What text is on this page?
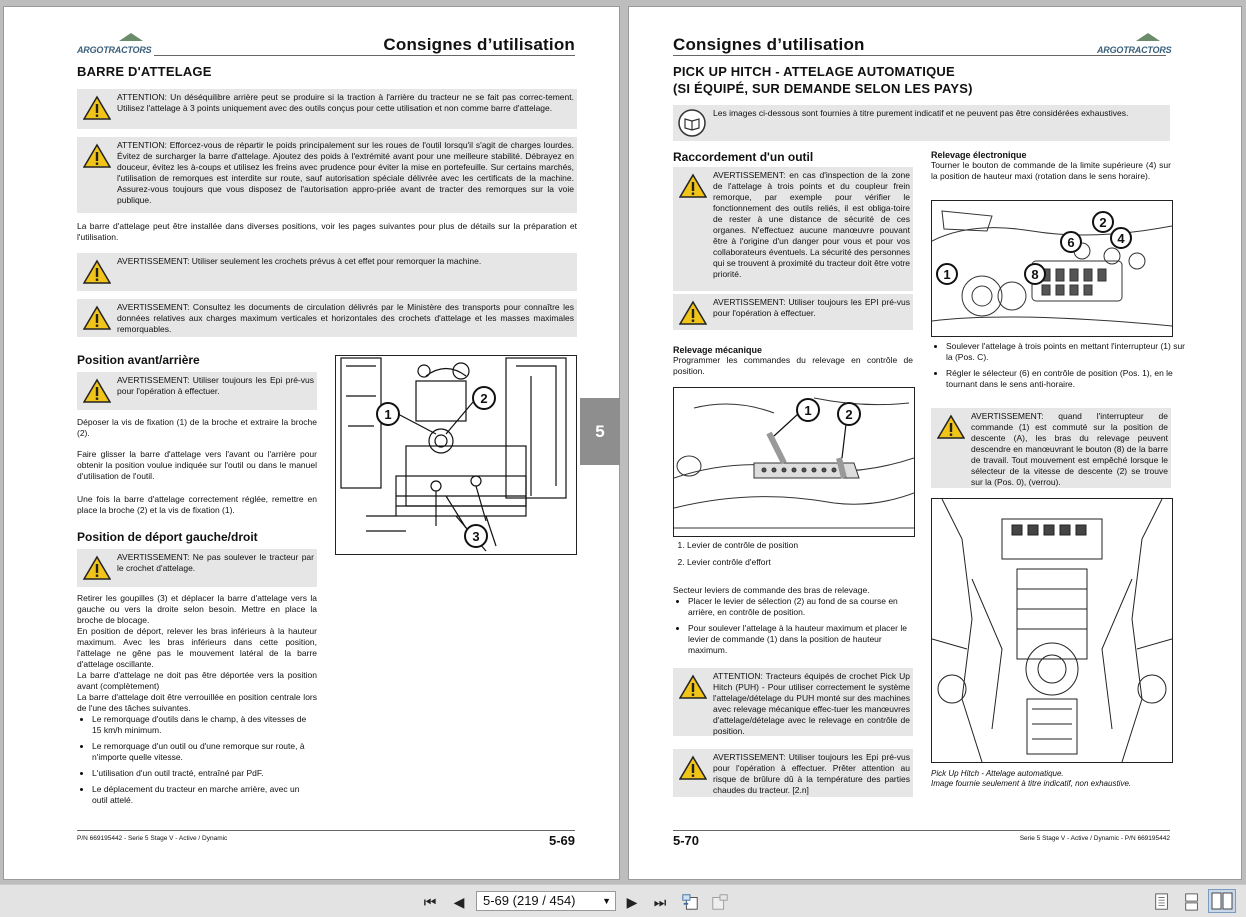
ARGOTRACTORS	Consignes d’utilisation
BARRE D'ATTELAGE
ATTENTION: Un déséquilibre arrière peut se produire si la traction à l'arrière du tracteur ne se fait pas correc-tement. Utilisez l'attelage à 3 points uniquement avec des outils conçus pour cette utilisation et non comme barre d'attelage.
ATTENTION: Efforcez-vous de répartir le poids principalement sur les roues de l'outil lorsqu'il s'agit de charges lourdes. Évitez de surcharger la barre d'attelage. Ajoutez des poids à l'extrémité avant pour une meilleure stabilité. Débrayez en douceur, évitez les à-coups et utilisez les freins avec prudence pour éviter la mise en portefeuille. Sur certains marchés, l'utilisation de remorques est interdite sur route, sauf autorisation spéciale délivrée avec les certificats de la machine. Assurez-vous toujours que vous disposez de l'autorisation appro-priée avant de tracter des remorques sur la voie publique.
La barre d'attelage peut être installée dans diverses positions, voir les pages suivantes pour plus de détails sur la préparation et l'utilisation.
AVERTISSEMENT: Utiliser seulement les crochets prévus à cet effet pour remorquer la machine.
AVERTISSEMENT: Consultez les documents de circulation délivrés par le Ministère des transports pour connaître les données relatives aux charges maximum verticales et horizontales des crochets d'attelage et les masses maximales remorquables.
Position avant/arrière
AVERTISSEMENT: Utiliser toujours les Epi pré-vus pour l'opération à effectuer.
Déposer la vis de fixation (1) de la broche et extraire la broche (2).
Faire glisser la barre d'attelage vers l'avant ou l'arrière pour obtenir la position voulue indiquée sur l'outil ou dans le manuel d'utilisation de l'outil.
Une fois la barre d'attelage correctement réglée, remettre en place la broche (2) et la vis de fixation (1).
1
2
3
Position de déport gauche/droit
AVERTISSEMENT: Ne pas soulever le tracteur par le crochet d'attelage.
Retirer les goupilles (3) et déplacer la barre d'attelage vers la gauche ou vers la droite selon besoin. Mettre en place la broche de blocage.
En position de déport, relever les bras inférieurs à la hauteur maximum. Avec les bras inférieurs dans cette position, l'attelage ne gêne pas le mouvement latéral de la barre d'attelage oscillante.
La barre d'attelage ne doit pas être déportée vers la position avant (complètement)
La barre d'attelage doit être verrouillée en position centrale lors de l'une des tâches suivantes.
• Le remorquage d'outils dans le champ, à des vitesses de 15 km/h minimum.
• Le remorquage d'un outil ou d'une remorque sur route, à n'importe quelle vitesse.
• L'utilisation d'un outil tracté, entraîné par PdF.
• Le déplacement du tracteur en marche arrière, avec un outil attelé.
P/N 669195442 - Serie 5 Stage V - Active / Dynamic	5-69
5
Consignes d’utilisation	ARGOTRACTORS
PICK UP HITCH - ATTELAGE AUTOMATIQUE
(SI ÉQUIPÉ, SUR DEMANDE SELON LES PAYS)
Les images ci-dessous sont fournies à titre purement indicatif et ne peuvent pas être considérées exhaustives.
Raccordement d'un outil
AVERTISSEMENT: en cas d'inspection de la zone de l'attelage à trois points et du coupleur frein remorque, par exemple pour vérifier le fonctionnement des outils reliés, il est obliga-toire de rester à une distance de sécurité de ces organes. N'effectuez aucune manœuvre pouvant être à l'origine d'un danger pour vous et pour vos collaborateurs éventuels. La sécurité des personnes qui se trouvent à proximité du tracteur doit être votre priorité.
AVERTISSEMENT: Utiliser toujours les EPI pré-vus pour l'opération à effectuer.
Relevage mécanique
Programmer les commandes du relevage en contrôle de position.
1	2
1. Levier de contrôle de position
2. Levier contrôle d'effort
Secteur leviers de commande des bras de relevage.
• Placer le levier de sélection (2) au fond de sa course en arrière, en contrôle de position.
• Pour soulever l'attelage à la hauteur maximum et placer le levier de commande (1) dans la position de hauteur maximum.
ATTENTION: Tracteurs équipés de crochet Pick Up Hitch (PUH) - Pour utiliser correctement le système l'attelage/dételage du PUH monté sur des machines avec relevage mécanique effec-tuer les manœuvres d'attelage/dételage avec le relevage en contrôle de position.
AVERTISSEMENT: Utiliser toujours les Epi pré-vus pour l'opération à effectuer. Prêter attention au risque de brûlure dû à la température des parties chaudes du tracteur. [2.n]
Relevage électronique
Tourner le bouton de commande de la limite supérieure (4) sur la position de hauteur maxi (rotation dans le sens horaire).
1
2
4
6
8
• Soulever l'attelage à trois points en mettant l'interrupteur (1) sur la (Pos. C).
• Régler le sélecteur (6) en contrôle de position (Pos. 1), en le tournant dans le sens anti-horaire.
AVERTISSEMENT: quand l'interrupteur de commande (1) est commuté sur la position de descente (A), les bras du relevage peuvent descendre en manœuvrant le bouton (8) de la barre de travail. Tout mouvement est empêché lorsque le sélecteur de la vitesse de descente (2) se trouve sur la (Pos. 0), (verrou).
Pick Up Hitch - Attelage automatique.
Image fournie seulement à titre indicatif, non exhaustive.
5-70	Serie 5 Stage V - Active / Dynamic - P/N 669195442
⏮ ◀	5-69 (219 / 454)	▼ ▶ ⏭
